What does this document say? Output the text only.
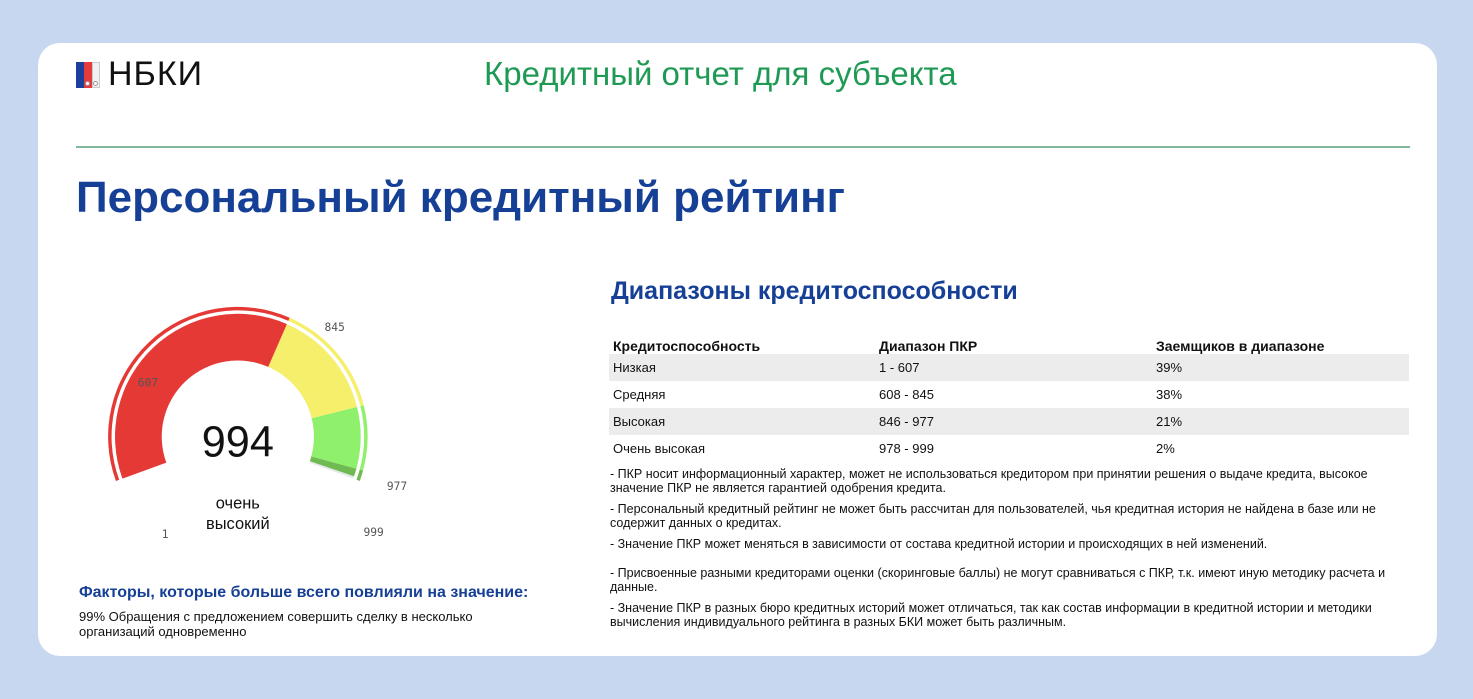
НБКИ	Кредитный отчет для субъекта
Персональный кредитный рейтинг
994
очень
высокий
1
607
845
977
999
Факторы, которые больше всего повлияли на значение:
99% Обращения с предложением совершить сделку в несколько организаций одновременно
Диапазоны кредитоспособности
Кредитоспособность	Диапазон ПКР	Заемщиков в диапазоне
Низкая	1 - 607	39%
Средняя	608 - 845	38%
Высокая	846 - 977	21%
Очень высокая	978 - 999	2%
- ПКР носит информационный характер, может не использоваться кредитором при принятии решения о выдаче кредита, высокое значение ПКР не является гарантией одобрения кредита.
- Персональный кредитный рейтинг не может быть рассчитан для пользователей, чья кредитная история не найдена в базе или не содержит данных о кредитах.
- Значение ПКР может меняться в зависимости от состава кредитной истории и происходящих в ней изменений.
- Присвоенные разными кредиторами оценки (скоринговые баллы) не могут сравниваться с ПКР, т.к. имеют иную методику расчета и данные.
- Значение ПКР в разных бюро кредитных историй может отличаться, так как состав информации в кредитной истории и методики вычисления индивидуального рейтинга в разных БКИ может быть различным.
